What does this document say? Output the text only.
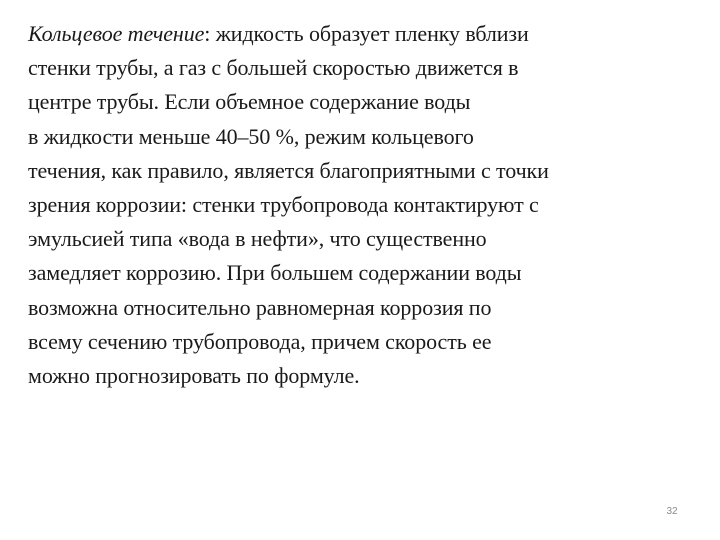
Кольцевое течение: жидкость образует пленку вблизи
стенки трубы, а газ с большей скоростью движется в
центре трубы. Если объемное содержание воды
в жидкости меньше 40–50 %, режим кольцевого
течения, как правило, является благоприятными с точки
зрения коррозии: стенки трубопровода контактируют с
эмульсией типа «вода в нефти», что существенно
замедляет коррозию. При большем содержании воды
возможна относительно равномерная коррозия по
всему сечению трубопровода, причем скорость ее
можно прогнозировать по формуле.

32
